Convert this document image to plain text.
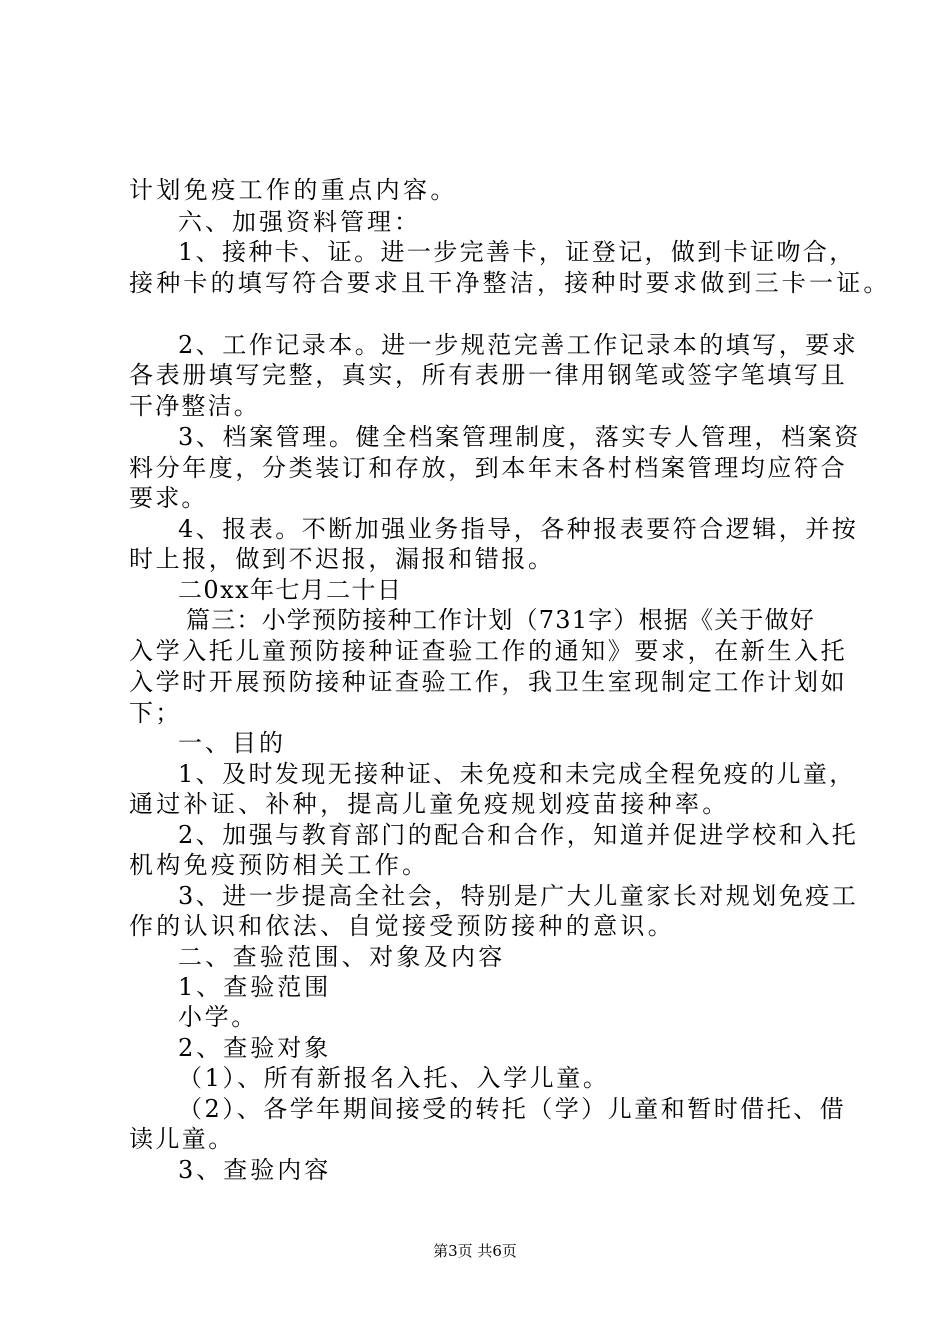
计划免疫工作的重点内容。

六、加强资料管理：

1、接种卡、证。进一步完善卡，证登记，做到卡证吻合，

接种卡的填写符合要求且干净整洁，接种时要求做到三卡一证。

2、工作记录本。进一步规范完善工作记录本的填写，要求

各表册填写完整，真实，所有表册一律用钢笔或签字笔填写且

干净整洁。

3、档案管理。健全档案管理制度，落实专人管理，档案资

料分年度，分类装订和存放，到本年末各村档案管理均应符合

要求。

4、报表。不断加强业务指导，各种报表要符合逻辑，并按

时上报，做到不迟报，漏报和错报。

二0xx年七月二十日

篇三：小学预防接种工作计划（731字）根据《关于做好

入学入托儿童预防接种证查验工作的通知》要求，在新生入托

入学时开展预防接种证查验工作，我卫生室现制定工作计划如

下；

一、目的

1、及时发现无接种证、未免疫和未完成全程免疫的儿童，

通过补证、补种，提高儿童免疫规划疫苗接种率。

2、加强与教育部门的配合和合作，知道并促进学校和入托

机构免疫预防相关工作。

3、进一步提高全社会，特别是广大儿童家长对规划免疫工

作的认识和依法、自觉接受预防接种的意识。

二、查验范围、对象及内容

1、查验范围

小学。

2、查验对象

（1）、所有新报名入托、入学儿童。

（2）、各学年期间接受的转托（学）儿童和暂时借托、借

读儿童。

3、查验内容

第3页 共6页
